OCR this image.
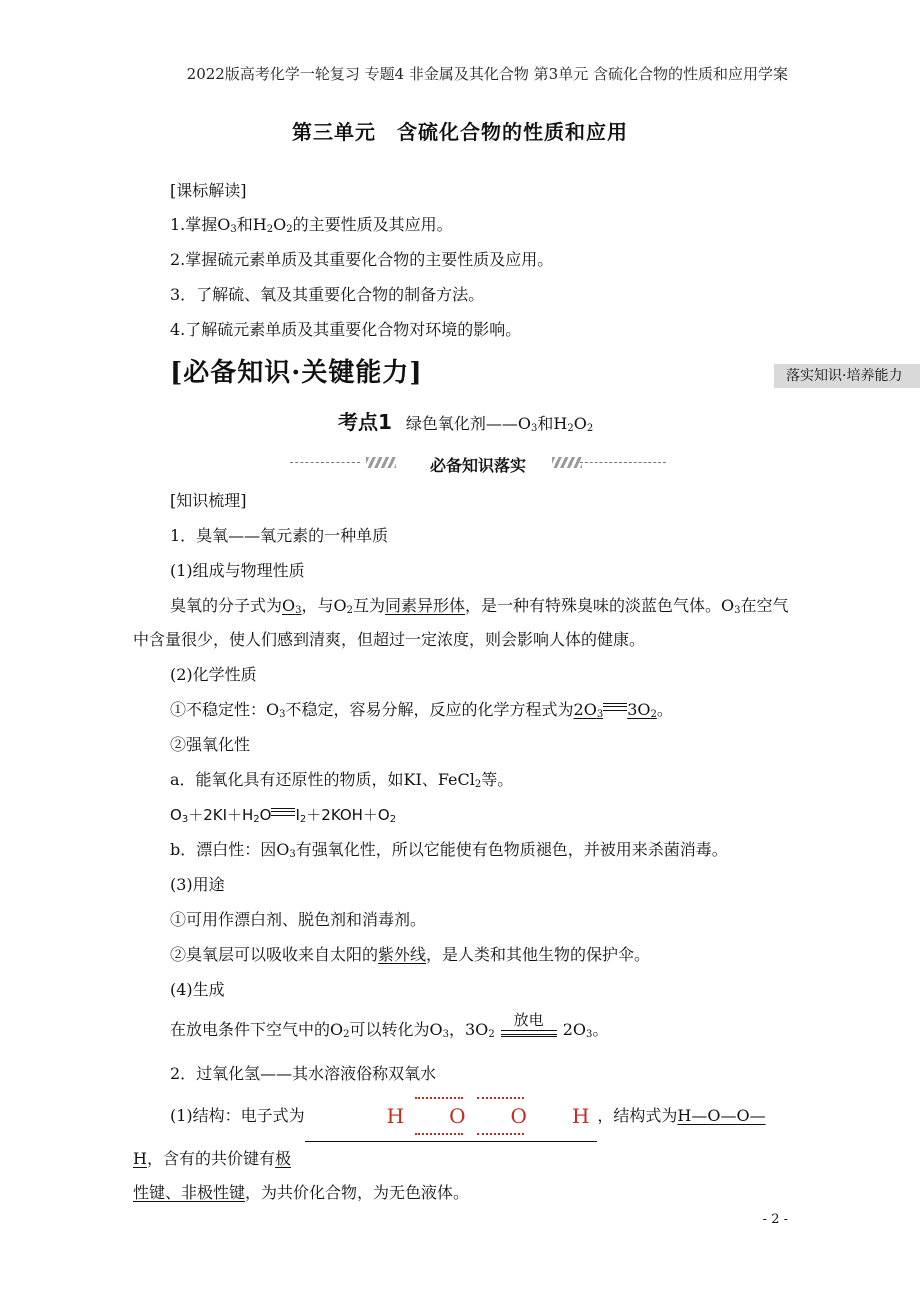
2022版高考化学一轮复习 专题4 非金属及其化合物 第3单元 含硫化合物的性质和应用学案
第三单元　含硫化合物的性质和应用
[课标解读]
1.掌握$O_3$和$H_2O_2$的主要性质及其应用。
2.掌握硫元素单质及其重要化合物的主要性质及应用。
3．了解硫、氧及其重要化合物的制备方法。
4.了解硫元素单质及其重要化合物对环境的影响。
[必备知识·关键能力]	落实知识·培养能力
考点1 绿色氧化剂$——O_3$和$H_2O_2$
必备知识落实
[知识梳理]
1．臭氧——氧元素的一种单质
(1)组成与物理性质
臭氧的分子式为$O_3$，与$O_2$互为同素异形体，是一种有特殊臭味的淡蓝色气体。$O_3$在空气中含量很少，使人们感到清爽，但超过一定浓度，则会影响人体的健康。
(2)化学性质
①不稳定性：$O_3$不稳定，容易分解，反应的化学方程式为$2O_3$ $3O_2$。
②强氧化性
a．能氧化具有还原性的物质，如KI、FeCl$_2$等。
$O_3+2KI+H_2O$ $I_2+2KOH+O_2$
b．漂白性：因$O_3$有强氧化性，所以它能使有色物质褪色，并被用来杀菌消毒。
(3)用途
①可用作漂白剂、脱色剂和消毒剂。
②臭氧层可以吸收来自太阳的紫外线，是人类和其他生物的保护伞。
(4)生成
在放电条件下空气中的$O_2$可以转化为$O_3$，$3O_2$
放电	$2O_3$。
2．过氧化氢——其水溶液俗称双氧水
(1)结构：电子式为	H O O H ，结构式为H—O—O—H，含有的共价键有极
性键、非极性键，为共价化合物，为无色液体。
- 2 -
